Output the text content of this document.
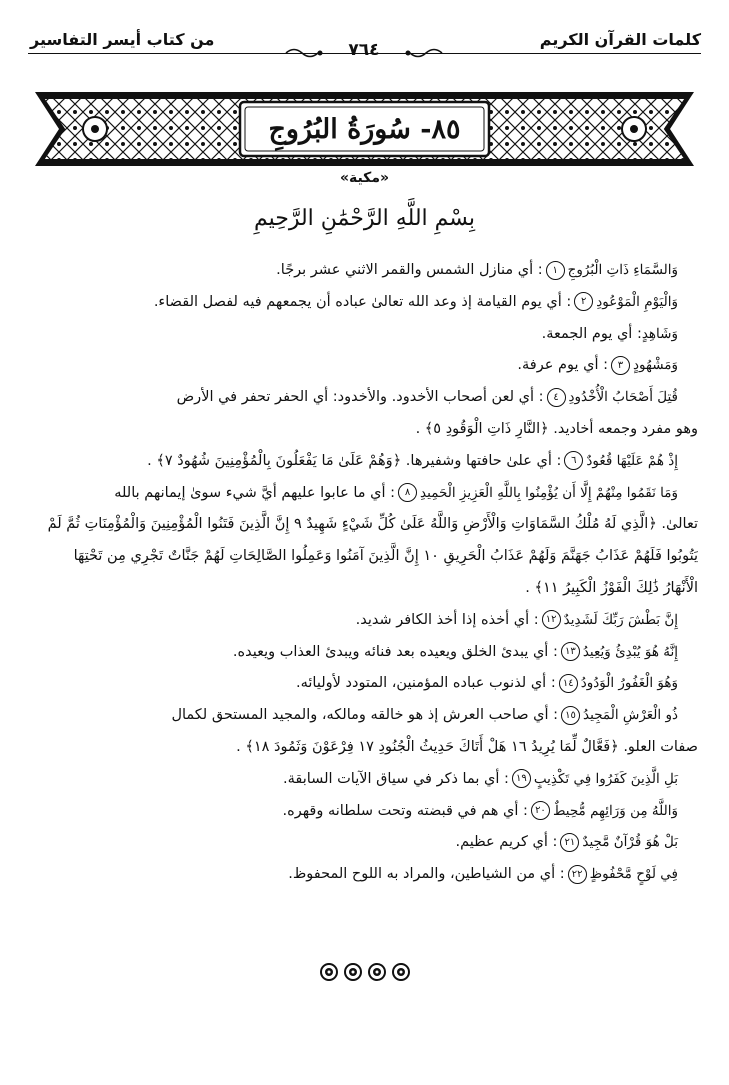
كلمات القرآن الكريم
من كتاب أيسر التفاسير
٧٦٤
٨٥- سُورَةُ البُرُوجِ
«مكية»
بِسْمِ اللَّهِ الرَّحْمَٰنِ الرَّحِيمِ
وَالسَّمَاءِ ذَاتِ الْبُرُوجِ١: أي منازل الشمس والقمر الاثني عشر برجًا.
وَالْيَوْمِ الْمَوْعُودِ٢: أي يوم القيامة إذ وعد الله تعالىٰ عباده أن يجمعهم فيه لفصل القضاء.
وَشَاهِدٍ: أي يوم الجمعة.
وَمَشْهُودٍ٣: أي يوم عرفة.
قُتِلَ أَصْحَابُ الْأُخْدُودِ٤: أي لعن أصحاب الأخدود. والأخدود: أي الحفر تحفر في الأرض
وهو مفرد وجمعه أخاديد. ﴿النَّارِ ذَاتِ الْوَقُودِ ٥﴾ .
إِذْ هُمْ عَلَيْهَا قُعُودٌ٦: أي علىٰ حافتها وشفيرها. ﴿وَهُمْ عَلَىٰ مَا يَفْعَلُونَ بِالْمُؤْمِنِينَ شُهُودٌ ٧﴾ .
وَمَا نَقَمُوا مِنْهُمْ إِلَّا أَن يُؤْمِنُوا بِاللَّهِ الْعَزِيزِ الْحَمِيدِ٨: أي ما عابوا عليهم أيَّ شيء سوىٰ إيمانهم بالله
تعالىٰ. ﴿الَّذِي لَهُ مُلْكُ السَّمَاوَاتِ وَالْأَرْضِ وَاللَّهُ عَلَىٰ كُلِّ شَيْءٍ شَهِيدٌ ٩ إِنَّ الَّذِينَ فَتَنُوا الْمُؤْمِنِينَ وَالْمُؤْمِنَاتِ ثُمَّ لَمْ
يَتُوبُوا فَلَهُمْ عَذَابُ جَهَنَّمَ وَلَهُمْ عَذَابُ الْحَرِيقِ ١٠ إِنَّ الَّذِينَ آمَنُوا وَعَمِلُوا الصَّالِحَاتِ لَهُمْ جَنَّاتٌ تَجْرِي مِن تَحْتِهَا
الْأَنْهَارُ ذَٰلِكَ الْفَوْزُ الْكَبِيرُ ١١﴾ .
إِنَّ بَطْشَ رَبِّكَ لَشَدِيدٌ١٢: أي أخذه إذا أخذ الكافر شديد.
إِنَّهُ هُوَ يُبْدِئُ وَيُعِيدُ١٣: أي يبدئ الخلق ويعيده بعد فنائه ويبدئ العذاب ويعيده.
وَهُوَ الْغَفُورُ الْوَدُودُ١٤: أي لذنوب عباده المؤمنين، المتودد لأوليائه.
ذُو الْعَرْشِ الْمَجِيدُ١٥: أي صاحب العرش إذ هو خالقه ومالكه، والمجيد المستحق لكمال
صفات العلو. ﴿فَعَّالٌ لِّمَا يُرِيدُ ١٦ هَلْ أَتَاكَ حَدِيثُ الْجُنُودِ ١٧ فِرْعَوْنَ وَثَمُودَ ١٨﴾ .
بَلِ الَّذِينَ كَفَرُوا فِي تَكْذِيبٍ١٩: أي بما ذكر في سياق الآيات السابقة.
وَاللَّهُ مِن وَرَائِهِم مُّحِيطٌ٢٠: أي هم في قبضته وتحت سلطانه وقهره.
بَلْ هُوَ قُرْآنٌ مَّجِيدٌ٢١: أي كريم عظيم.
فِي لَوْحٍ مَّحْفُوظٍ٢٢: أي من الشياطين، والمراد به اللوح المحفوظ.
